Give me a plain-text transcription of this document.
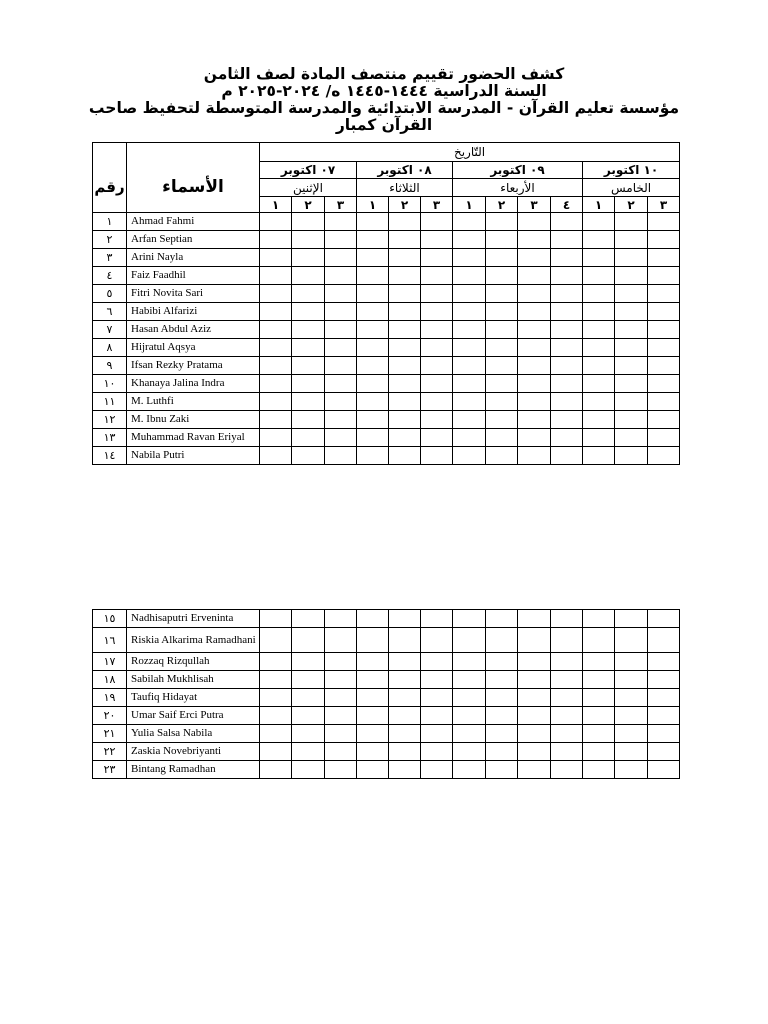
كشف الحضور تقييم منتصف المادة لصف الثامن
السنة الدراسية ١٤٤٤-١٤٤٥ ه/ ٢٠٢٤-٢٠٢٥ م
مؤسسة تعليم القرآن - المدرسة الابتدائية والمدرسة المتوسطة لتحفيظ صاحب
القرآن كمبار
		التّاريخ												
رقم	الأسماء	٠٧ اكتوبر			٠٨ اكتوبر			٠٩ اكتوبر				١٠ اكتوبر		
		الإثنين			الثلاثاء			الأربعاء				الخامس		
		١	٢	٣	١	٢	٣	١	٢	٣	٤	١	٢	٣
١	Ahmad Fahmi													
٢	Arfan Septian													
٣	Arini Nayla													
٤	Faiz Faadhil													
٥	Fitri Novita Sari													
٦	Habibi Alfarizi													
٧	Hasan Abdul Aziz													
٨	Hijratul Aqsya													
٩	Ifsan Rezky Pratama													
١٠	Khanaya Jalina Indra													
١١	M. Luthfi													
١٢	M. Ibnu Zaki													
١٣	Muhammad Ravan Eriyal													
١٤	Nabila Putri													
١٥	Nadhisaputri Erveninta													
١٦	Riskia Alkarima Ramadhani													
١٧	Rozzaq Rizqullah													
١٨	Sabilah Mukhlisah													
١٩	Taufiq Hidayat													
٢٠	Umar Saif Erci Putra													
٢١	Yulia Salsa Nabila													
٢٢	Zaskia Novebriyanti													
٢٣	Bintang Ramadhan													
